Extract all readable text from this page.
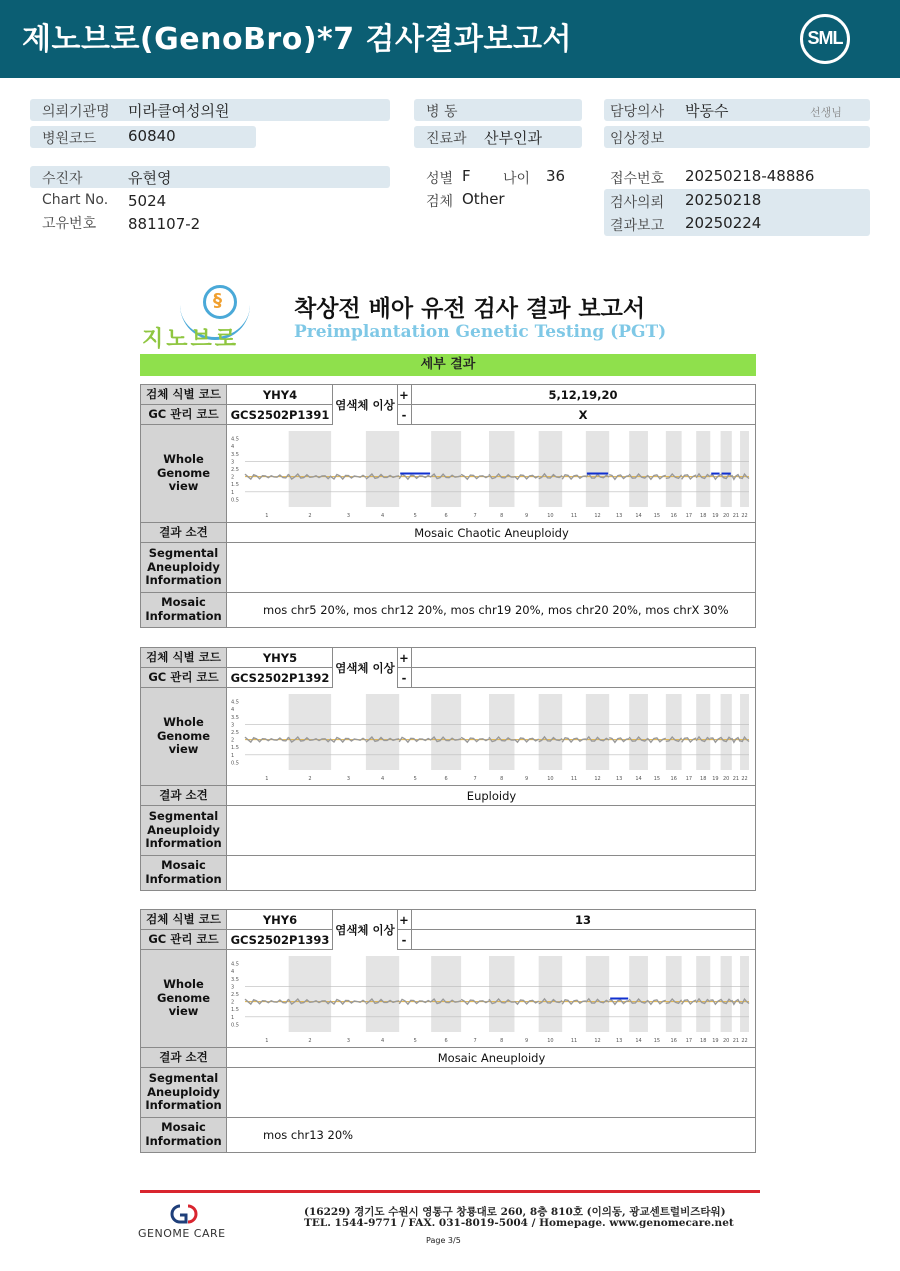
제노브로(GenoBro)*7 검사결과보고서	SML
의뢰기관명 미라클여성의원
병원코드 60840
병 동
진료과 산부인과
담당의사 박동수	선생님
임상정보
수진자	유현영
Chart No. 5024
고유번호 881107-2
성별 F 나이 36
검체 Other
접수번호 20250218-48886
검사의뢰 20250218
결과보고 20250224
§
지노브로
착상전 배아 유전 검사 결과 보고서
Preimplantation Genetic Testing (PGT)
세부 결과
검체 식별 코드	YHY4	+	5,12,19,20
GC 관리 코드	GCS2502P1391	-	X
염색체 이상
Whole Genome view
4.5
4
3.5
3
2.5
2
1.5
1
0.5
1	2	3	4	5	6	7	8	9	10	11	12	13	14 15 16 17 18 19 20 21 22
결과 소견	Mosaic Chaotic Aneuploidy
Segmental Aneuploidy Information
Mosaic Information	mos chr5 20%, mos chr12 20%, mos chr19 20%, mos chr20 20%, mos chrX 30%
검체 식별 코드	YHY5	+
GC 관리 코드	GCS2502P1392	-
염색체 이상
Whole Genome view
4.5
4
3.5
3
2.5
2
1.5
1
0.5
1	2	3	4	5	6	7	8	9	10	11	12	13	14 15 16 17 18 19 20 21 22
결과 소견	Euploidy
Segmental Aneuploidy Information
Mosaic Information
검체 식별 코드	YHY6	+	13
GC 관리 코드	GCS2502P1393	-
염색체 이상
Whole Genome view
4.5
4
3.5
3
2.5
2
1.5
1
0.5
1	2	3	4	5	6	7	8	9	10	11	12	13	14 15 16 17 18 19 20 21 22
결과 소견	Mosaic Aneuploidy
Segmental Aneuploidy Information
Mosaic Information	mos chr13 20%
GENOME CARE
(16229) 경기도 수원시 영통구 창룡대로 260, 8층 810호 (이의동, 광교센트럴비즈타워)
TEL. 1544-9771 / FAX. 031-8019-5004 / Homepage. www.genomecare.net
Page 3/5
